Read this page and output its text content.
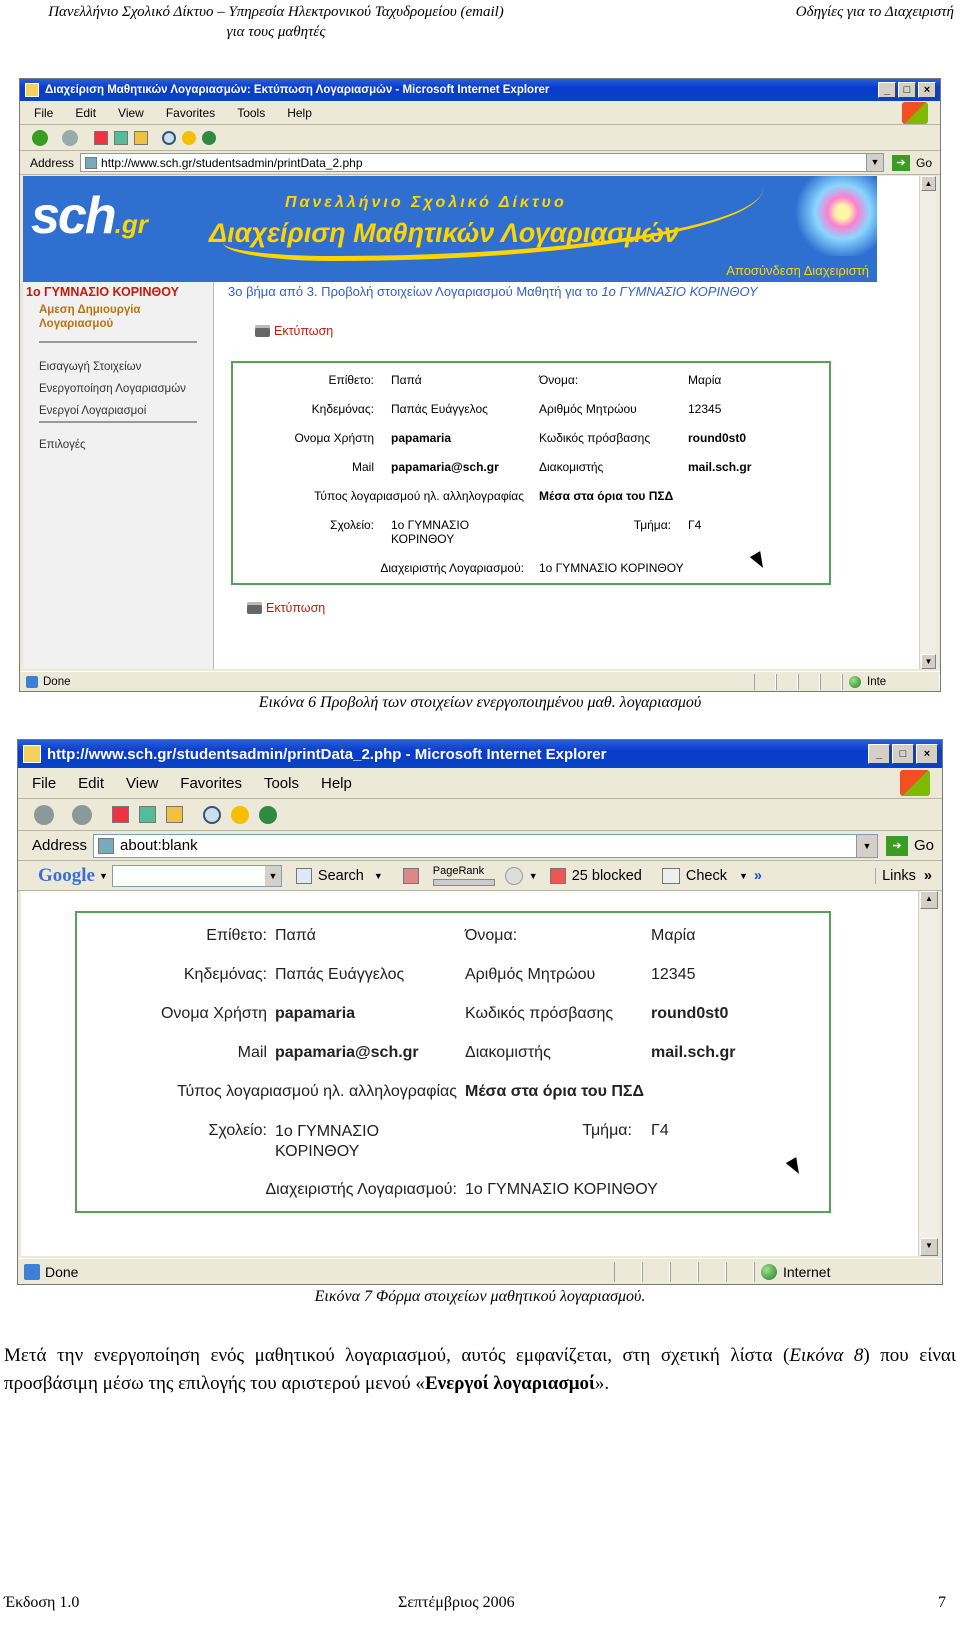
Πανελλήνιο Σχολικό Δίκτυο – Υπηρεσία Ηλεκτρονικού Ταχυδρομείου (email)
για τους μαθητές
Οδηγίες για το Διαχειριστή
Διαχείριση Μαθητικών Λογαριασμών: Εκτύπωση Λογαριασμών - Microsoft Internet Explorer	_	□	×
File Edit View Favorites Tools Help
Address http://www.sch.gr/studentsadmin/printData_2.php	▼	➔ Go
sch.gr
Πανελλήνιο Σχολικό Δίκτυο
Διαχείριση Μαθητικών Λογαριασμών
Αποσύνδεση Διαχειριστή
1ο ΓΥΜΝΑΣΙΟ ΚΟΡΙΝΘΟΥ
Αμεση Δημιουργία Λογαριασμού
Εισαγωγή Στοιχείων
Ενεργοποίηση Λογαριασμών
Ενεργοί Λογαριασμοί
Επιλογές
3ο βήμα από 3. Προβολή στοιχείων Λογαριασμού Μαθητή για το 1ο ΓΥΜΝΑΣΙΟ ΚΟΡΙΝΘΟΥ
Εκτύπωση
Επίθετο: Παπά	Όνομα:	Μαρία
Κηδεμόνας: Παπάς Ευάγγελος	Αριθμός Μητρώου	12345
Ονομα Χρήστη papamaria	Κωδικός πρόσβασης	round0st0
Mail papamaria@sch.gr	Διακομιστής	mail.sch.gr
Τύπος λογαριασμού ηλ. αλληλογραφίας Μέσα στα όρια του ΠΣΔ
Σχολείο: 1ο ΓΥΜΝΑΣΙΟ
ΚΟΡΙΝΘΟΥ
Τμήμα: Γ4
Διαχειριστής Λογαριασμού: 1ο ΓΥΜΝΑΣΙΟ ΚΟΡΙΝΘΟΥ
Εκτύπωση
▲
▼
Done	Inte
Εικόνα 6 Προβολή των στοιχείων ενεργοποιημένου μαθ. λογαριασμού
http://www.sch.gr/studentsadmin/printData_2.php - Microsoft Internet Explorer	_	□	×
File Edit View Favorites Tools Help
Address about:blank	▼	➔ Go
Google ▼	▼	Search ▼	PageRank	▼ 25 blocked	Check ▼ »	Links »
Επίθετο: Παπά	Όνομα:	Μαρία
Κηδεμόνας: Παπάς Ευάγγελος	Αριθμός Μητρώου	12345
Ονομα Χρήστη papamaria	Κωδικός πρόσβασης round0st0
Mail papamaria@sch.gr	Διακομιστής	mail.sch.gr
Τύπος λογαριασμού ηλ. αλληλογραφίας Μέσα στα όρια του ΠΣΔ
Σχολείο: 1ο ΓΥΜΝΑΣΙΟ
ΚΟΡΙΝΘΟΥ
Τμήμα: Γ4
Διαχειριστής Λογαριασμού: 1ο ΓΥΜΝΑΣΙΟ ΚΟΡΙΝΘΟΥ
▲
▼
Done	Internet
Εικόνα 7 Φόρμα στοιχείων μαθητικού λογαριασμού.
Μετά την ενεργοποίηση ενός μαθητικού λογαριασμού, αυτός εμφανίζεται, στη σχετική λίστα (Εικόνα 8) που είναι προσβάσιμη μέσω της επιλογής του αριστερού μενού «Ενεργοί λογαριασμοί».
Έκδοση 1.0	Σεπτέμβριος 2006	7
